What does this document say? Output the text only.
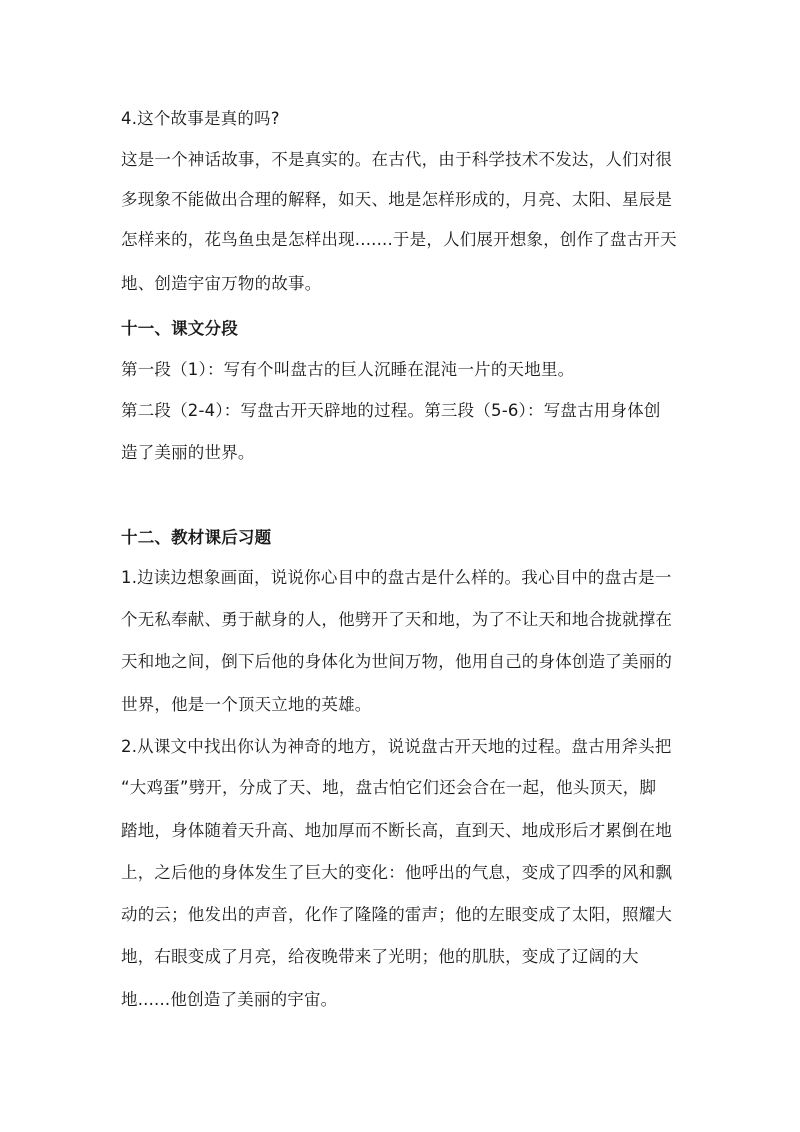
4.这个故事是真的吗?

这是一个神话故事，不是真实的。在古代，由于科学技术不发达，人们对很

多现象不能做出合理的解释，如天、地是怎样形成的，月亮、太阳、星辰是

怎样来的，花鸟鱼虫是怎样出现.......于是，人们展开想象，创作了盘古开天

地、创造宇宙万物的故事。

十一、课文分段

第一段（1）：写有个叫盘古的巨人沉睡在混沌一片的天地里。

第二段（2-4）：写盘古开天辟地的过程。第三段（5-6）：写盘古用身体创

造了美丽的世界。

十二、教材课后习题

1.边读边想象画面，说说你心目中的盘古是什么样的。我心目中的盘古是一

个无私奉献、勇于献身的人，他劈开了天和地，为了不让天和地合拢就撑在

天和地之间，倒下后他的身体化为世间万物，他用自己的身体创造了美丽的

世界，他是一个顶天立地的英雄。

2.从课文中找出你认为神奇的地方，说说盘古开天地的过程。盘古用斧头把

“大鸡蛋”劈开，分成了天、地，盘古怕它们还会合在一起，他头顶天，脚

踏地，身体随着天升高、地加厚而不断长高，直到天、地成形后才累倒在地

上，之后他的身体发生了巨大的变化：他呼出的气息，变成了四季的风和飘

动的云；他发出的声音，化作了隆隆的雷声；他的左眼变成了太阳，照耀大

地，右眼变成了月亮，给夜晚带来了光明；他的肌肤，变成了辽阔的大

地......他创造了美丽的宇宙。
